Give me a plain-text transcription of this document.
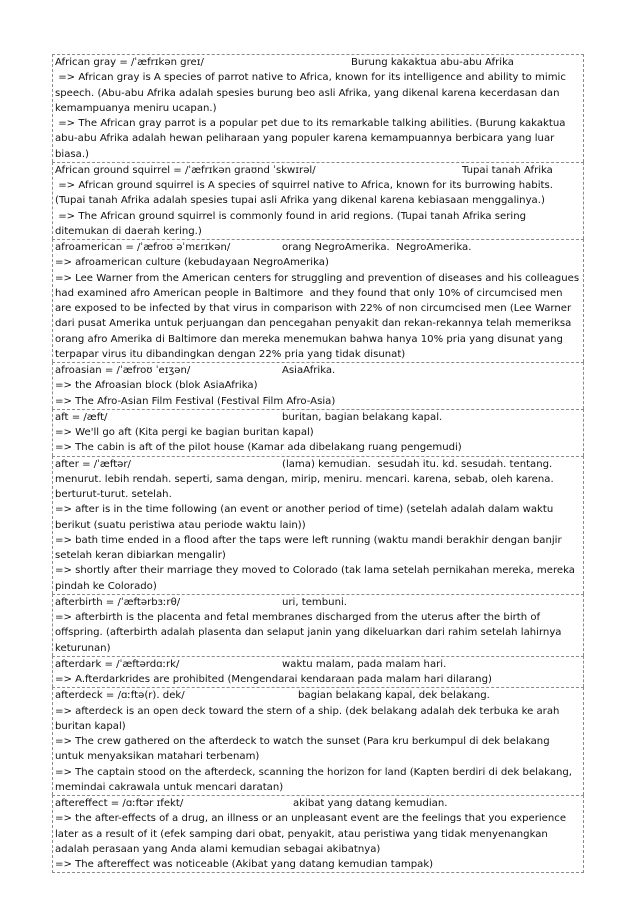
African gray = /ˈæfrɪkən greɪ/	Burung kakaktua abu-abu Afrika

=> African gray is A species of parrot native to Africa, known for its intelligence and ability to mimic speech. (Abu-abu Afrika adalah spesies burung beo asli Afrika, yang dikenal karena kecerdasan dan kemampuanya meniru ucapan.)

=> The African gray parrot is a popular pet due to its remarkable talking abilities. (Burung kakaktua abu-abu Afrika adalah hewan peliharaan yang populer karena kemampuannya berbicara yang luar biasa.)

African ground squirrel = /ˈæfrɪkən graʊnd ˈskwɪrəl/	Tupai tanah Afrika

=> African ground squirrel is A species of squirrel native to Africa, known for its burrowing habits. (Tupai tanah Afrika adalah spesies tupai asli Afrika yang dikenal karena kebiasaan menggalinya.)

=> The African ground squirrel is commonly found in arid regions. (Tupai tanah Afrika sering ditemukan di daerah kering.)

afroamerican = /ˈæfroʊ əˈmɛrɪkən/	orang NegroAmerika.  NegroAmerika.

=> afroamerican culture (kebudayaan NegroAmerika)

=> Lee Warner from the American centers for struggling and prevention of diseases and his colleagues had examined afro American people in Baltimore  and they found that only 10% of circumcised men are exposed to be infected by that virus in comparison with 22% of non circumcised men (Lee Warner dari pusat Amerika untuk perjuangan dan pencegahan penyakit dan rekan-rekannya telah memeriksa orang afro Amerika di Baltimore dan mereka menemukan bahwa hanya 10% pria yang disunat yang terpapar virus itu dibandingkan dengan 22% pria yang tidak disunat)

afroasian = /ˈæfroʊ ˈeɪʒən/	AsiaAfrika.

=> the Afroasian block (blok AsiaAfrika)

=> The Afro-Asian Film Festival (Festival Film Afro-Asia)

aft = /æft/	buritan, bagian belakang kapal.

=> We'll go aft (Kita pergi ke bagian buritan kapal)

=> The cabin is aft of the pilot house (Kamar ada dibelakang ruang pengemudi)

after = /ˈæftər/	(lama) kemudian.  sesudah itu. kd. sesudah. tentang.

menurut. lebih rendah. seperti, sama dengan, mirip, meniru. mencari. karena, sebab, oleh karena. berturut-turut. setelah.

=> after is in the time following (an event or another period of time) (setelah adalah dalam waktu berikut (suatu peristiwa atau periode waktu lain))

=> bath time ended in a flood after the taps were left running (waktu mandi berakhir dengan banjir setelah keran dibiarkan mengalir)

=> shortly after their marriage they moved to Colorado (tak lama setelah pernikahan mereka, mereka pindah ke Colorado)

afterbirth = /ˈæftərbɜːrθ/	uri, tembuni.

=> afterbirth is the placenta and fetal membranes discharged from the uterus after the birth of offspring. (afterbirth adalah plasenta dan selaput janin yang dikeluarkan dari rahim setelah lahirnya keturunan)

afterdark = /ˈæftərdɑːrk/	waktu malam, pada malam hari.

=> A.fterdarkrides are prohibited (Mengendarai kendaraan pada malam hari dilarang)

afterdeck = /ɑːftə(r). dek/	bagian belakang kapal, dek belakang.

=> afterdeck is an open deck toward the stern of a ship. (dek belakang adalah dek terbuka ke arah buritan kapal)

=> The crew gathered on the afterdeck to watch the sunset (Para kru berkumpul di dek belakang untuk menyaksikan matahari terbenam)

=> The captain stood on the afterdeck, scanning the horizon for land (Kapten berdiri di dek belakang, memindai cakrawala untuk mencari daratan)

aftereffect = /ɑːftər ɪfekt/	akibat yang datang kemudian.

=> the after-effects of a drug, an illness or an unpleasant event are the feelings that you experience later as a result of it (efek samping dari obat, penyakit, atau peristiwa yang tidak menyenangkan adalah perasaan yang Anda alami kemudian sebagai akibatnya)

=> The aftereffect was noticeable (Akibat yang datang kemudian tampak)
